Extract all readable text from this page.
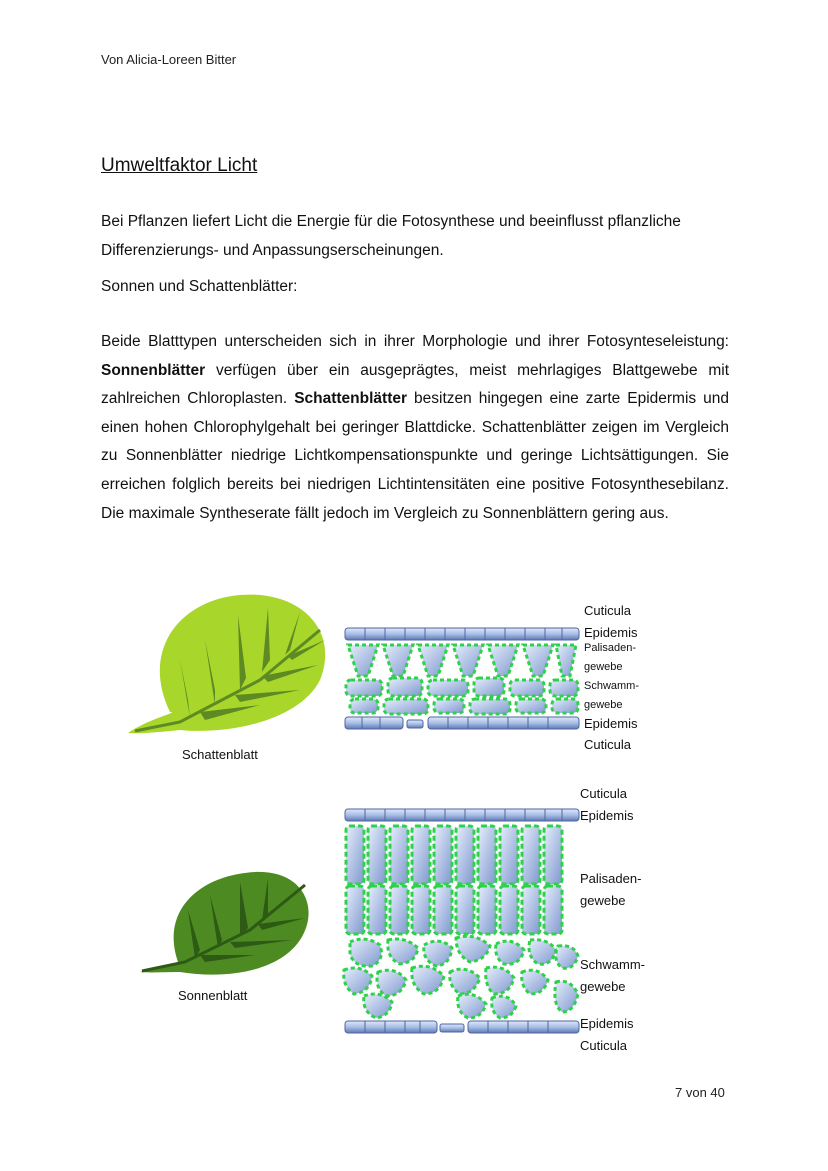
Von Alicia-Loreen Bitter
Umweltfaktor Licht
Bei Pflanzen liefert Licht die Energie für die Fotosynthese und beeinflusst pflanzliche Differenzierungs- und Anpassungserscheinungen.
Sonnen und Schattenblätter:
Beide Blatttypen unterscheiden sich in ihrer Morphologie und ihrer Fotosynteseleistung: Sonnenblätter verfügen über ein ausgeprägtes, meist mehrlagiges Blattgewebe mit zahlreichen Chloroplasten. Schattenblätter besitzen hingegen eine zarte Epidermis und einen hohen Chlorophylgehalt bei geringer Blattdicke. Schattenblätter zeigen im Vergleich zu Sonnenblätter niedrige Lichtkompensationspunkte und geringe Lichtsättigungen. Sie erreichen folglich bereits bei niedrigen Lichtintensitäten eine positive Fotosynthesebilanz. Die maximale Syntheserate fällt jedoch im Vergleich zu Sonnenblättern gering aus.
Schattenblatt
Cuticula
Epidemis
Palisaden-
gewebe
Schwamm-
gewebe
Epidemis
Cuticula
Sonnenblatt
Cuticula
Epidemis
Palisaden-
gewebe
Schwamm-
gewebe
Epidemis
Cuticula
7 von 40
